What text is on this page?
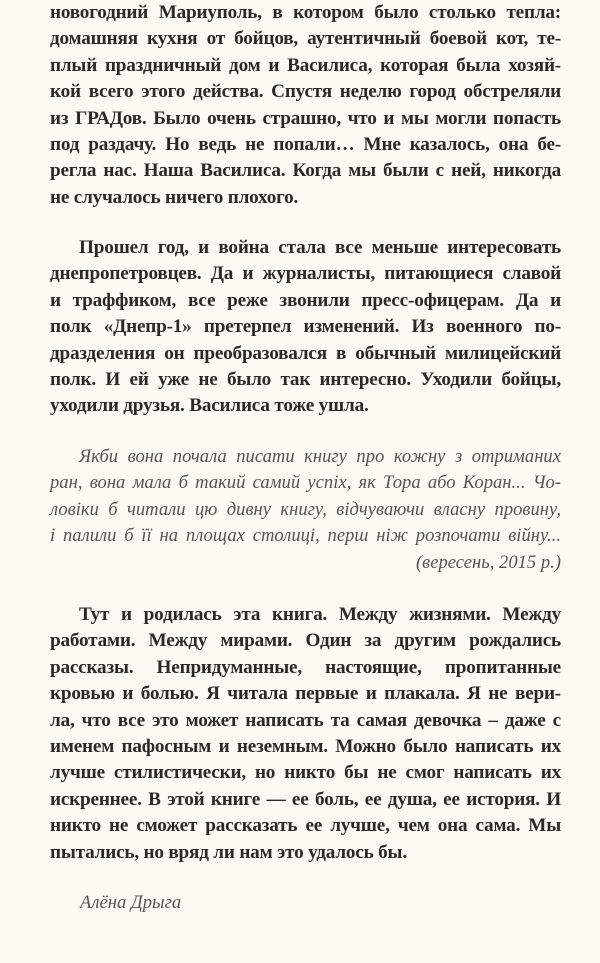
новогодний Мариуполь, в котором было столько тепла:
домашняя кухня от бойцов, аутентичный боевой кот, те-
плый праздничный дом и Василиса, которая была хозяй-
кой всего этого действа. Спустя неделю город обстреляли
из ГРАДов. Было очень страшно, что и мы могли попасть
под раздачу. Но ведь не попали… Мне казалось, она бе-
регла нас. Наша Василиса. Когда мы были с ней, никогда
не случалось ничего плохого.
Прошел год, и война стала все меньше интересовать
днепропетровцев. Да и журналисты, питающиеся славой
и траффиком, все реже звонили пресс-офицерам. Да и
полк «Днепр-1» претерпел изменений. Из военного по-
дразделения он преобразовался в обычный милицейский
полк. И ей уже не было так интересно. Уходили бойцы,
уходили друзья. Василиса тоже ушла.
Якби вона почала писати книгу про кожну з отриманих
ран, вона мала б такий самий успіх, як Тора або Коран... Чо-
ловіки б читали цю дивну книгу, відчуваючи власну провину,
і палили б її на площах столиці, перш ніж розпочати війну...
(вересень, 2015 р.)
Тут и родилась эта книга. Между жизнями. Между
работами. Между мирами. Один за другим рождались
рассказы. Непридуманные, настоящие, пропитанные
кровью и болью. Я читала первые и плакала. Я не вери-
ла, что все это может написать та самая девочка – даже с
именем пафосным и неземным. Можно было написать их
лучше стилистически, но никто бы не смог написать их
искреннее. В этой книге — ее боль, ее душа, ее история. И
никто не сможет рассказать ее лучше, чем она сама. Мы
пытались, но вряд ли нам это удалось бы.
Алёна Дрыга
